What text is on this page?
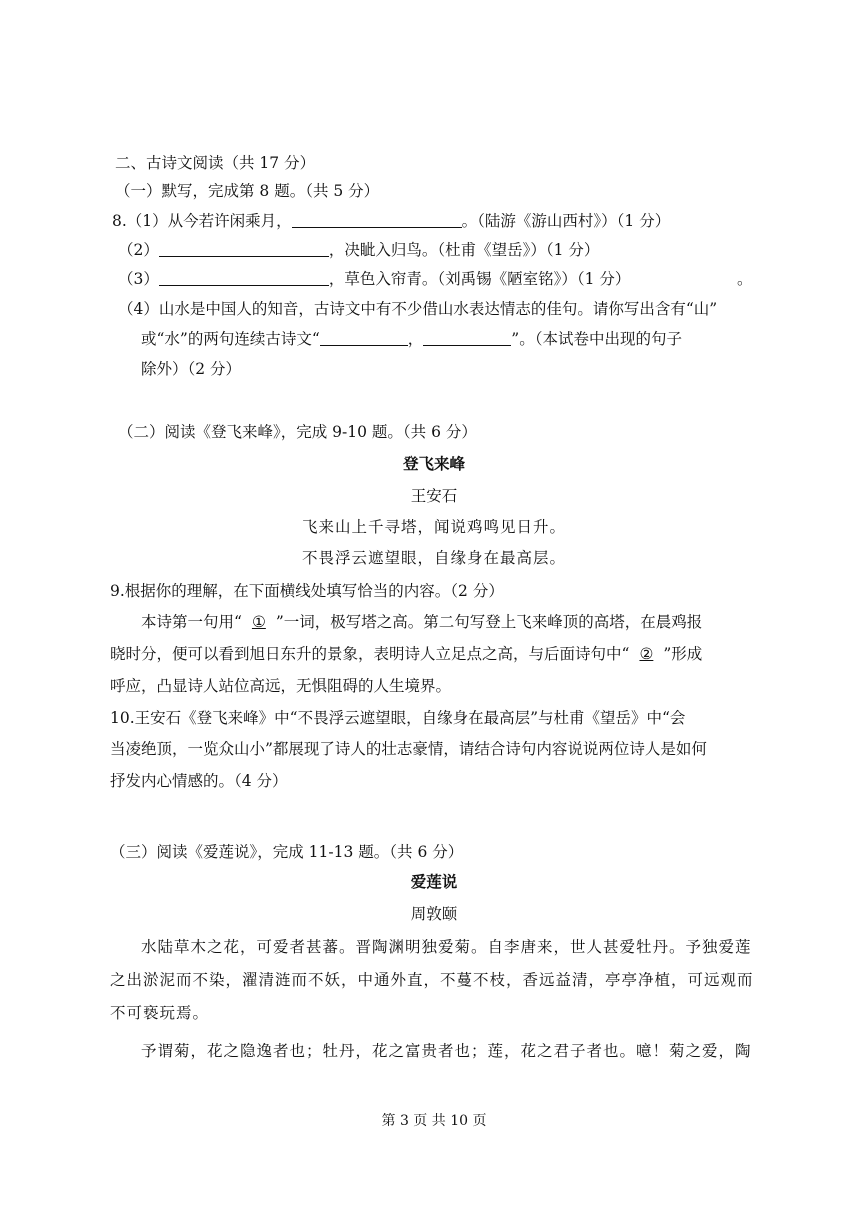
二、古诗文阅读（共 17 分）
（一）默写，完成第 8 题。（共 5 分）
8.（1）从今若许闲乘月，	。（陆游《游山西村》）（1 分）
（2）	，决眦入归鸟。（杜甫《望岳》）（1 分）
（3）	，草色入帘青。（刘禹锡《陋室铭》）（1 分）	。
（4）山水是中国人的知音，古诗文中有不少借山水表达情志的佳句。请你写出含有“山”
或“水”的两句连续古诗文“	，	”。（本试卷中出现的句子
除外）（2 分）
（二）阅读《登飞来峰》，完成 9-10 题。（共 6 分）
登飞来峰
王安石
飞来山上千寻塔，闻说鸡鸣见日升。
不畏浮云遮望眼，自缘身在最高层。
9.根据你的理解，在下面横线处填写恰当的内容。（2 分）
本诗第一句用“ ① ”一词，极写塔之高。第二句写登上飞来峰顶的高塔，在晨鸡报
晓时分，便可以看到旭日东升的景象，表明诗人立足点之高，与后面诗句中“ ② ”形成
呼应，凸显诗人站位高远，无惧阻碍的人生境界。
10.王安石《登飞来峰》中“不畏浮云遮望眼，自缘身在最高层”与杜甫《望岳》中“会
当凌绝顶，一览众山小”都展现了诗人的壮志豪情，请结合诗句内容说说两位诗人是如何
抒发内心情感的。（4 分）
（三）阅读《爱莲说》，完成 11-13 题。（共 6 分）
爱莲说
周敦颐
水陆草木之花，可爱者甚蕃。晋陶渊明独爱菊。自李唐来，世人甚爱牡丹。予独爱莲
之出淤泥而不染，濯清涟而不妖，中通外直，不蔓不枝，香远益清，亭亭净植，可远观而
不可亵玩焉。
予谓菊，花之隐逸者也；牡丹，花之富贵者也；莲，花之君子者也。噫！菊之爱，陶
第 3 页 共 10 页
